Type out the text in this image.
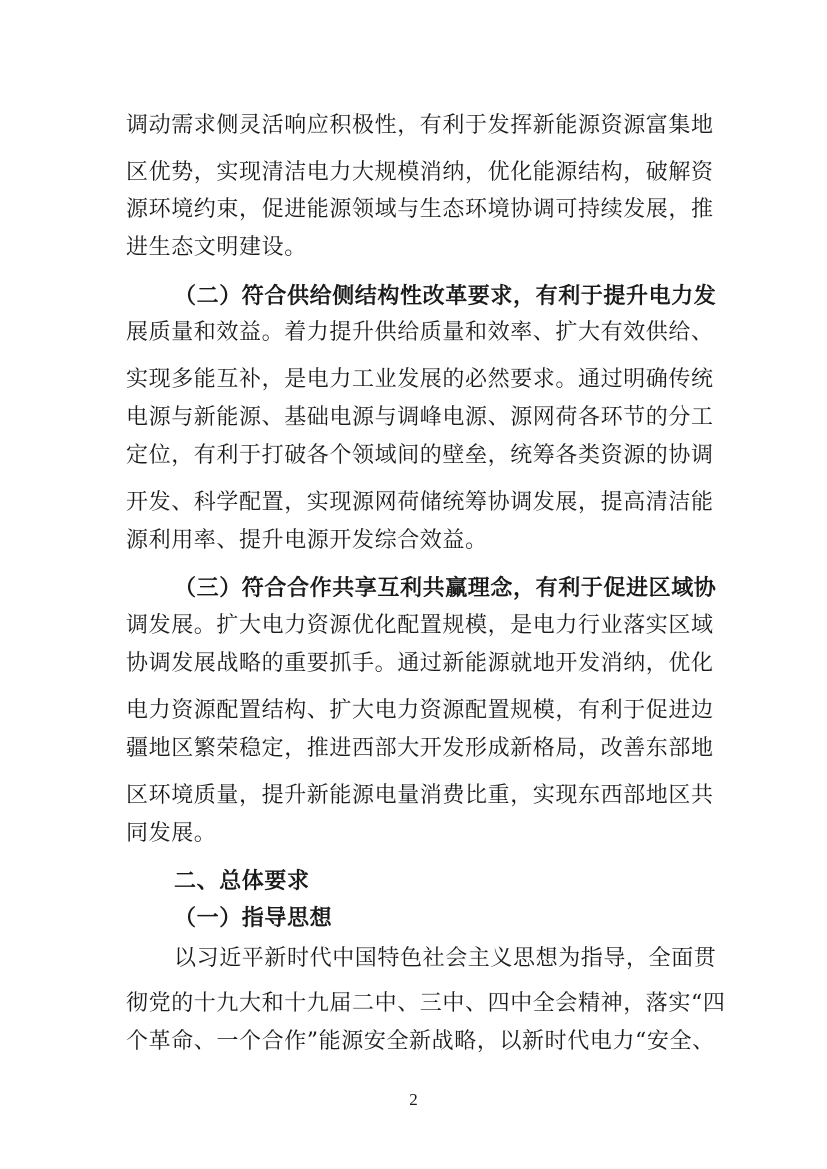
调动需求侧灵活响应积极性，有利于发挥新能源资源富集地
区优势，实现清洁电力大规模消纳，优化能源结构，破解资
源环境约束，促进能源领域与生态环境协调可持续发展，推
进生态文明建设。
（二）符合供给侧结构性改革要求，有利于提升电力发
展质量和效益。着力提升供给质量和效率、扩大有效供给、
实现多能互补，是电力工业发展的必然要求。通过明确传统
电源与新能源、基础电源与调峰电源、源网荷各环节的分工
定位，有利于打破各个领域间的壁垒，统筹各类资源的协调
开发、科学配置，实现源网荷储统筹协调发展，提高清洁能
源利用率、提升电源开发综合效益。
（三）符合合作共享互利共赢理念，有利于促进区域协
调发展。扩大电力资源优化配置规模，是电力行业落实区域
协调发展战略的重要抓手。通过新能源就地开发消纳，优化
电力资源配置结构、扩大电力资源配置规模，有利于促进边
疆地区繁荣稳定，推进西部大开发形成新格局，改善东部地
区环境质量，提升新能源电量消费比重，实现东西部地区共
同发展。
二、总体要求
（一）指导思想
以习近平新时代中国特色社会主义思想为指导，全面贯
彻党的十九大和十九届二中、三中、四中全会精神，落实“四
个革命、一个合作”能源安全新战略，以新时代电力“安全、
2
